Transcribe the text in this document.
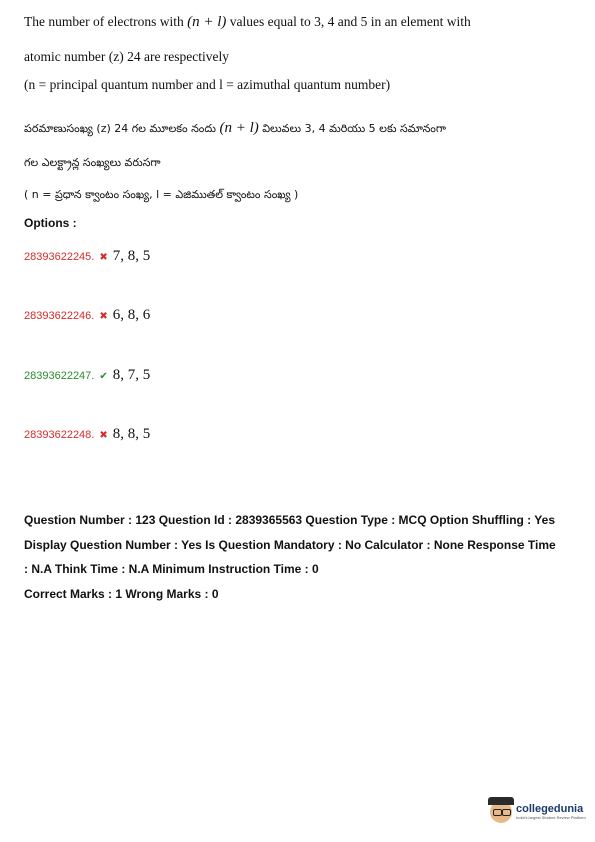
The number of electrons with (n + l) values equal to 3, 4 and 5 in an element with
atomic number (z) 24 are respectively
(n = principal quantum number and l = azimuthal quantum number)
పరమాణుసంఖ్య (z) 24 గల మూలకం నందు (n + l) విలువలు 3, 4 మరియు 5 లకు సమానంగా
గల ఎలక్ట్రాన్ల సంఖ్యలు వరుసగా
( n = ప్రధాన క్వాంటం సంఖ్య, l = ఎజిముతల్ క్వాంటం సంఖ్య )
Options :
28393622245. ✖ 7, 8, 5
28393622246. ✖ 6, 8, 6
28393622247. ✔ 8, 7, 5
28393622248. ✖ 8, 8, 5
Question Number : 123 Question Id : 2839365563 Question Type : MCQ Option Shuffling : Yes
Display Question Number : Yes Is Question Mandatory : No Calculator : None Response Time
: N.A Think Time : N.A Minimum Instruction Time : 0
Correct Marks : 1 Wrong Marks : 0
collegedunia
India's largest Student Review Platform
